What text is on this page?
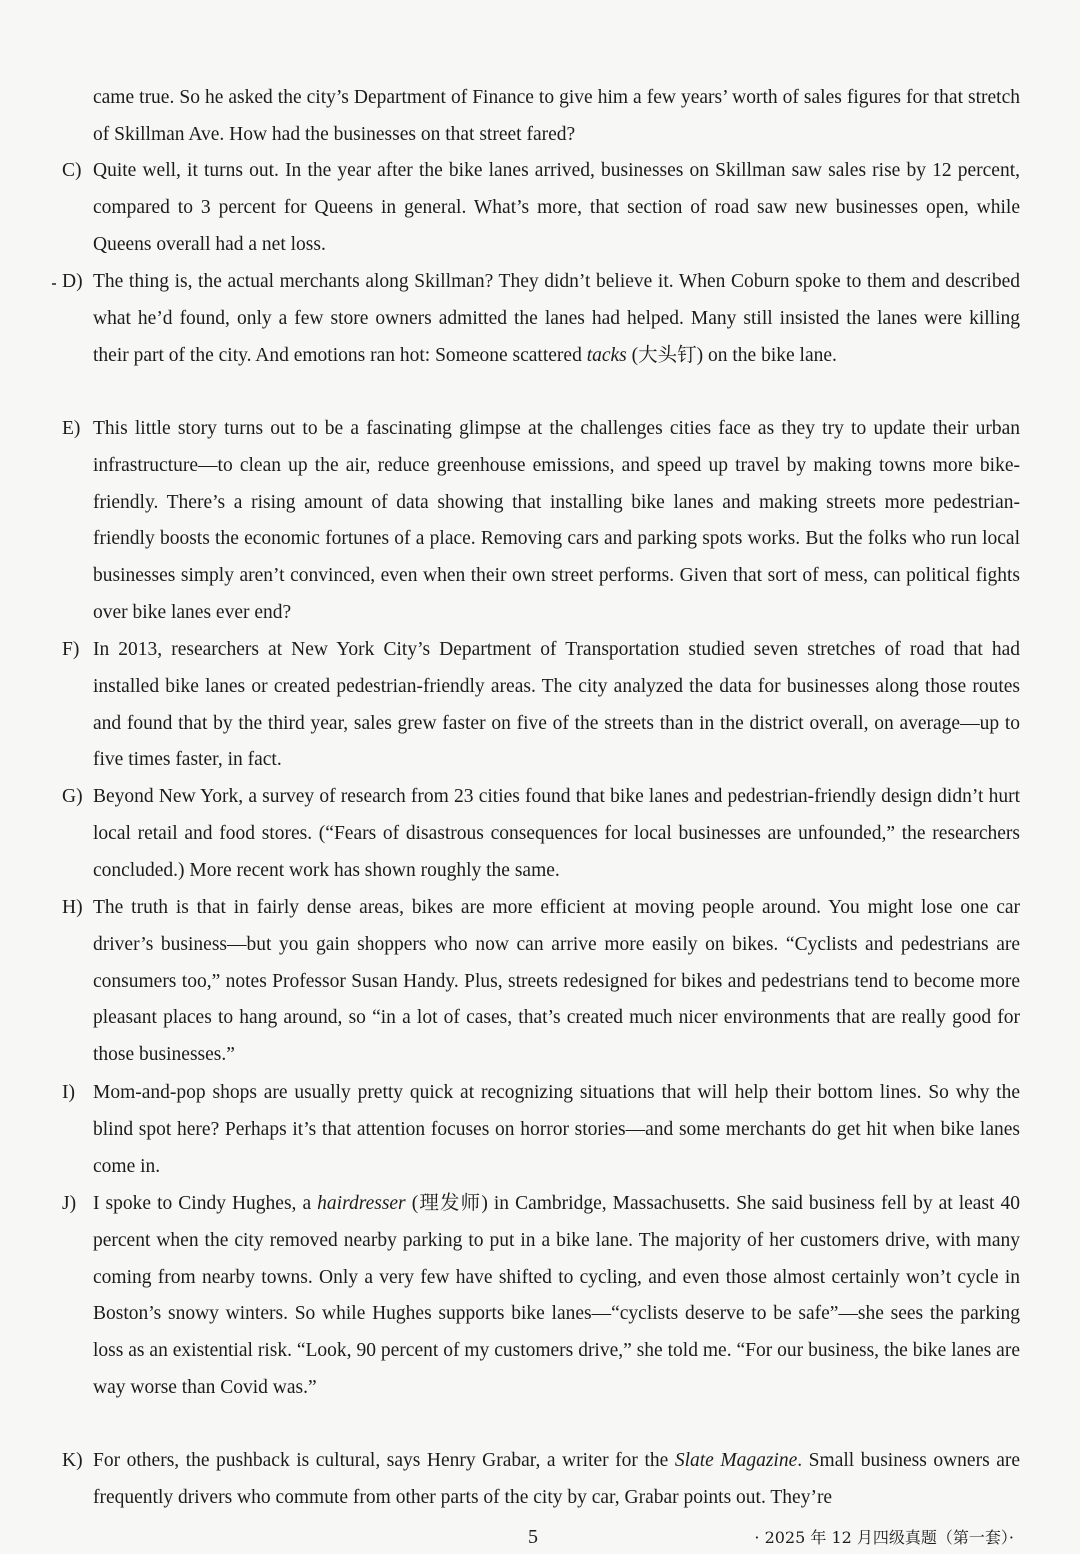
came true. So he asked the city’s Department of Finance to give him a few years’ worth of sales figures for that stretch of Skillman Ave. How had the businesses on that street fared?
C) Quite well, it turns out. In the year after the bike lanes arrived, businesses on Skillman saw sales rise by 12 percent, compared to 3 percent for Queens in general. What’s more, that section of road saw new businesses open, while Queens overall had a net loss.
D) The thing is, the actual merchants along Skillman? They didn’t believe it. When Coburn spoke to them and described what he’d found, only a few store owners admitted the lanes had helped. Many still insisted the lanes were killing their part of the city. And emotions ran hot: Someone scattered tacks (大头钉) on the bike lane.
E) This little story turns out to be a fascinating glimpse at the challenges cities face as they try to update their urban infrastructure—to clean up the air, reduce greenhouse emissions, and speed up travel by making towns more bike-friendly. There’s a rising amount of data showing that installing bike lanes and making streets more pedestrian-friendly boosts the economic fortunes of a place. Removing cars and parking spots works. But the folks who run local businesses simply aren’t convinced, even when their own street performs. Given that sort of mess, can political fights over bike lanes ever end?
F) In 2013, researchers at New York City’s Department of Transportation studied seven stretches of road that had installed bike lanes or created pedestrian-friendly areas. The city analyzed the data for businesses along those routes and found that by the third year, sales grew faster on five of the streets than in the district overall, on average—up to five times faster, in fact.
G) Beyond New York, a survey of research from 23 cities found that bike lanes and pedestrian-friendly design didn’t hurt local retail and food stores. (“Fears of disastrous consequences for local businesses are unfounded,” the researchers concluded.) More recent work has shown roughly the same.
H) The truth is that in fairly dense areas, bikes are more efficient at moving people around. You might lose one car driver’s business—but you gain shoppers who now can arrive more easily on bikes. “Cyclists and pedestrians are consumers too,” notes Professor Susan Handy. Plus, streets redesigned for bikes and pedestrians tend to become more pleasant places to hang around, so “in a lot of cases, that’s created much nicer environments that are really good for those businesses.”
I) Mom-and-pop shops are usually pretty quick at recognizing situations that will help their bottom lines. So why the blind spot here? Perhaps it’s that attention focuses on horror stories—and some merchants do get hit when bike lanes come in.
J) I spoke to Cindy Hughes, a hairdresser (理发师) in Cambridge, Massachusetts. She said business fell by at least 40 percent when the city removed nearby parking to put in a bike lane. The majority of her customers drive, with many coming from nearby towns. Only a very few have shifted to cycling, and even those almost certainly won’t cycle in Boston’s snowy winters. So while Hughes supports bike lanes—“cyclists deserve to be safe”—she sees the parking loss as an existential risk. “Look, 90 percent of my customers drive,” she told me. “For our business, the bike lanes are way worse than Covid was.”
K) For others, the pushback is cultural, says Henry Grabar, a writer for the Slate Magazine. Small business owners are frequently drivers who commute from other parts of the city by car, Grabar points out. They’re
5	· 2025 年 12 月四级真题（第一套）·
